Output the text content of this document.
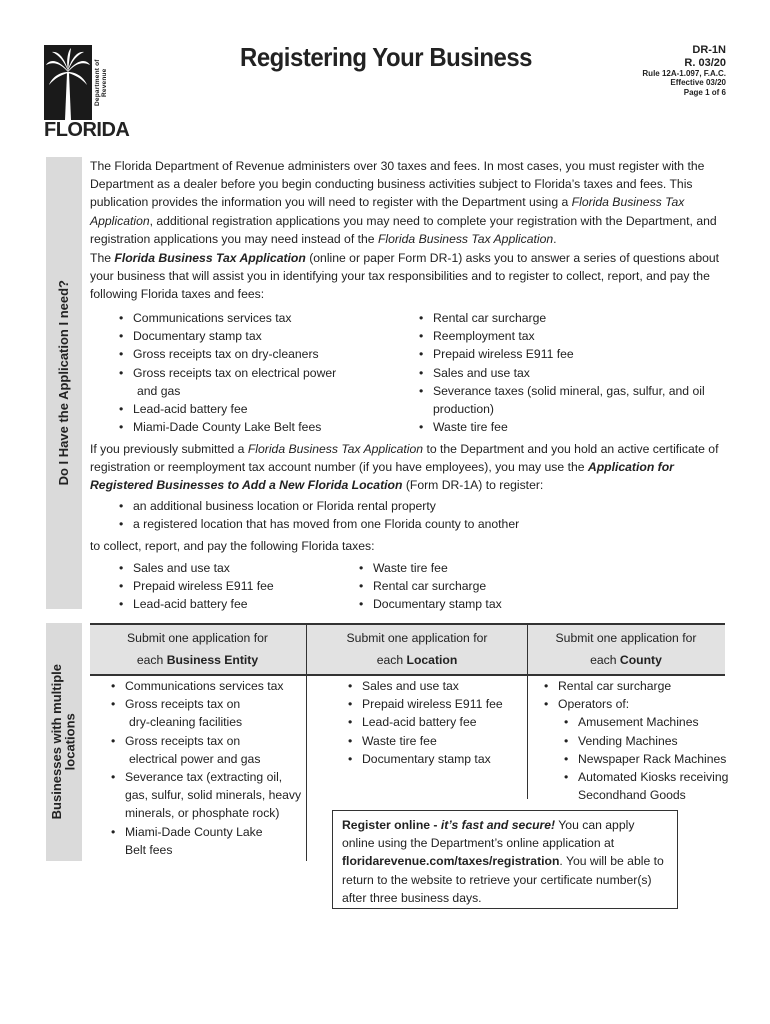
Department of Revenue
FLORIDA
Registering Your Business	DR-1N
R. 03/20
Rule 12A-1.097, F.A.C.
Effective 03/20
Page 1 of 6
Do I Have the Application I need?
Businesses with multiple
locations
The Florida Department of Revenue administers over 30 taxes and fees. In most cases, you must register with the Department as a dealer before you begin conducting business activities subject to Florida’s taxes and fees. This publication provides the information you will need to register with the Department using a Florida Business Tax Application, additional registration applications you may need to complete your registration with the Department, and registration applications you may need instead of the Florida Business Tax Application.
The Florida Business Tax Application (online or paper Form DR-1) asks you to answer a series of questions about your business that will assist you in identifying your tax responsibilities and to register to collect, report, and pay the following Florida taxes and fees:
• Communications services tax
• Documentary stamp tax
• Gross receipts tax on dry-cleaners
• Gross receipts tax on electrical power
and gas
• Lead-acid battery fee
• Miami-Dade County Lake Belt fees
• Rental car surcharge
• Reemployment tax
• Prepaid wireless E911 fee
• Sales and use tax
• Severance taxes (solid mineral, gas, sulfur, and oil
production)
• Waste tire fee
If you previously submitted a Florida Business Tax Application to the Department and you hold an active certificate of registration or reemployment tax account number (if you have employees), you may use the Application for Registered Businesses to Add a New Florida Location (Form DR-1A) to register:
• an additional business location or Florida rental property
• a registered location that has moved from one Florida county to another
to collect, report, and pay the following Florida taxes:
• Sales and use tax
• Prepaid wireless E911 fee
• Lead-acid battery fee
• Waste tire fee
• Rental car surcharge
• Documentary stamp tax
Submit one application for
each Business Entity
Submit one application for
each Location
Submit one application for
each County
• Communications services tax
• Gross receipts tax on
dry-cleaning facilities
• Gross receipts tax on
electrical power and gas
• Severance tax (extracting oil,
gas, sulfur, solid minerals, heavy
minerals, or phosphate rock)
• Miami-Dade County Lake
Belt fees
• Sales and use tax
• Prepaid wireless E911 fee
• Lead-acid battery fee
• Waste tire fee
• Documentary stamp tax
• Rental car surcharge
• Operators of:
• Amusement Machines
• Vending Machines
• Newspaper Rack Machines
• Automated Kiosks receiving
Secondhand Goods
Register online - it’s fast and secure! You can apply online using the Department’s online application at floridarevenue.com/taxes/registration. You will be able to return to the website to retrieve your certificate number(s) after three business days.
